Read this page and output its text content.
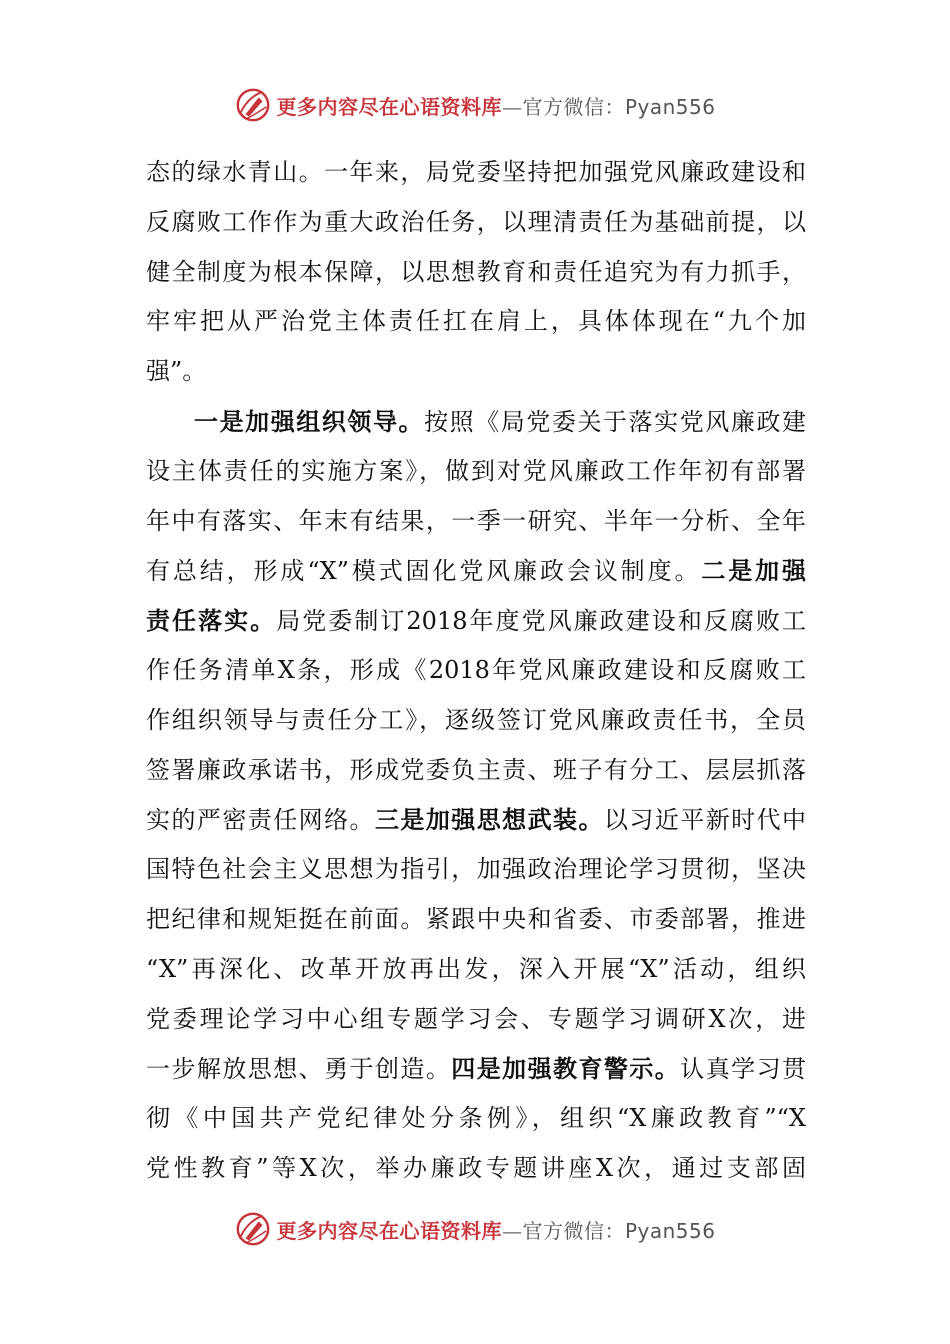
更多内容尽在心语资料库—官方微信：Pyan556
态的绿水青山。一年来，局党委坚持把加强党风廉政建设和
反腐败工作作为重大政治任务，以理清责任为基础前提，以
健全制度为根本保障，以思想教育和责任追究为有力抓手，
牢牢把从严治党主体责任扛在肩上，具体体现在“九个加
强”。
一是加强组织领导。按照《局党委关于落实党风廉政建
设主体责任的实施方案》，做到对党风廉政工作年初有部署
年中有落实、年末有结果，一季一研究、半年一分析、全年
有总结，形成“X”模式固化党风廉政会议制度。二是加强
责任落实。局党委制订2018年度党风廉政建设和反腐败工
作任务清单X条，形成《2018年党风廉政建设和反腐败工
作组织领导与责任分工》，逐级签订党风廉政责任书，全员
签署廉政承诺书，形成党委负主责、班子有分工、层层抓落
实的严密责任网络。三是加强思想武装。以习近平新时代中
国特色社会主义思想为指引，加强政治理论学习贯彻，坚决
把纪律和规矩挺在前面。紧跟中央和省委、市委部署，推进
“X”再深化、改革开放再出发，深入开展“X”活动，组织
党委理论学习中心组专题学习会、专题学习调研X次，进
一步解放思想、勇于创造。四是加强教育警示。认真学习贯
彻《中国共产党纪律处分条例》，组织“X廉政教育”“X
党性教育”等X次，举办廉政专题讲座X次，通过支部固
更多内容尽在心语资料库—官方微信：Pyan556
